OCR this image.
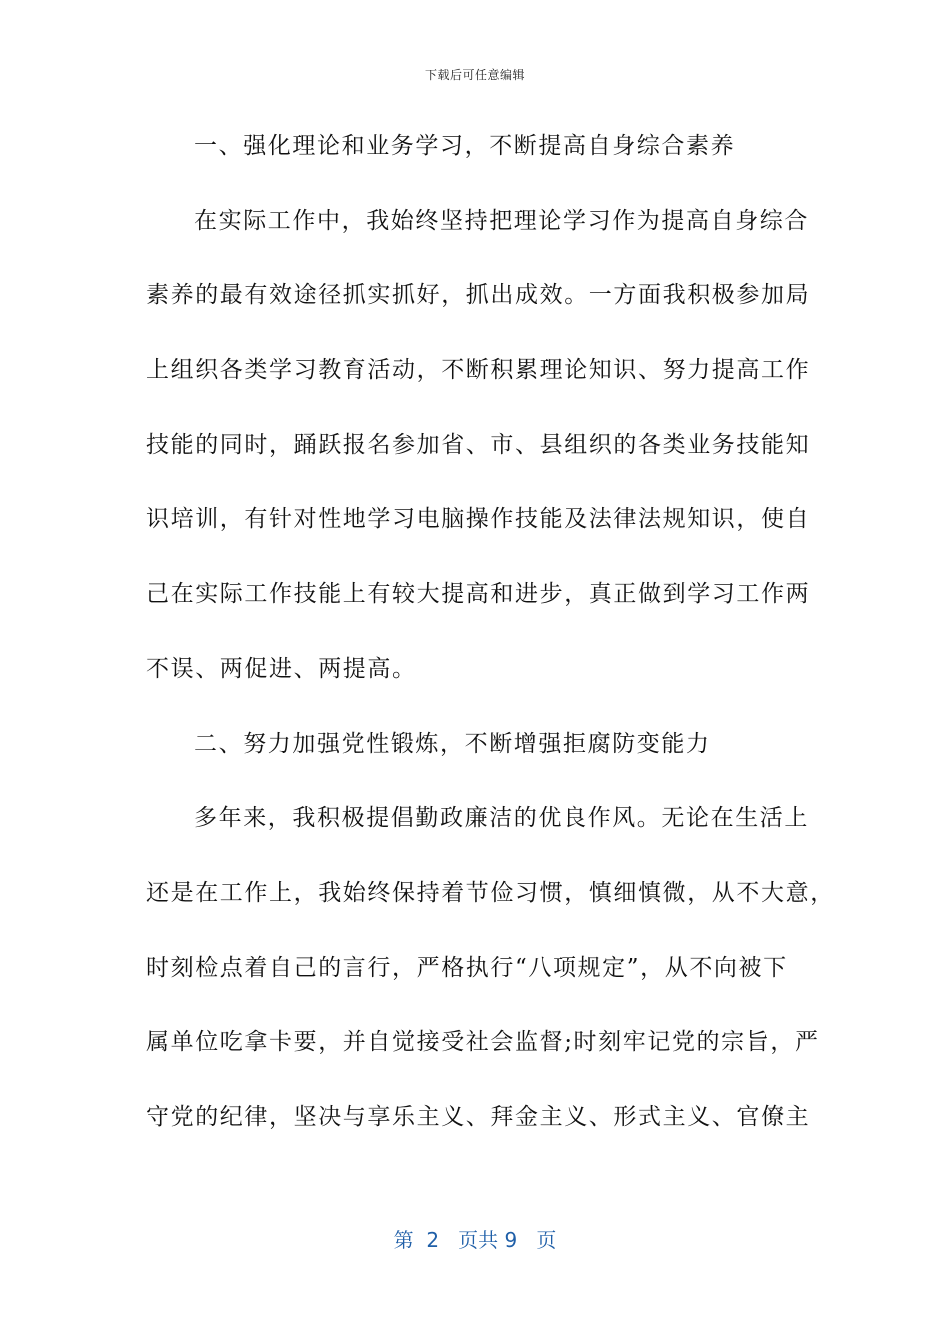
下载后可任意编辑
一、强化理论和业务学习，不断提高自身综合素养
在实际工作中，我始终坚持把理论学习作为提高自身综合
素养的最有效途径抓实抓好，抓出成效。一方面我积极参加局
上组织各类学习教育活动，不断积累理论知识、努力提高工作
技能的同时，踊跃报名参加省、市、县组织的各类业务技能知
识培训，有针对性地学习电脑操作技能及法律法规知识，使自
己在实际工作技能上有较大提高和进步，真正做到学习工作两
不误、两促进、两提高。
二、努力加强党性锻炼，不断增强拒腐防变能力
多年来，我积极提倡勤政廉洁的优良作风。无论在生活上
还是在工作上，我始终保持着节俭习惯，慎细慎微，从不大意，
时刻检点着自己的言行，严格执行“八项规定”，从不向被下
属单位吃拿卡要，并自觉接受社会监督;时刻牢记党的宗旨，严
守党的纪律，坚决与享乐主义、拜金主义、形式主义、官僚主
第  2   页共 9   页
